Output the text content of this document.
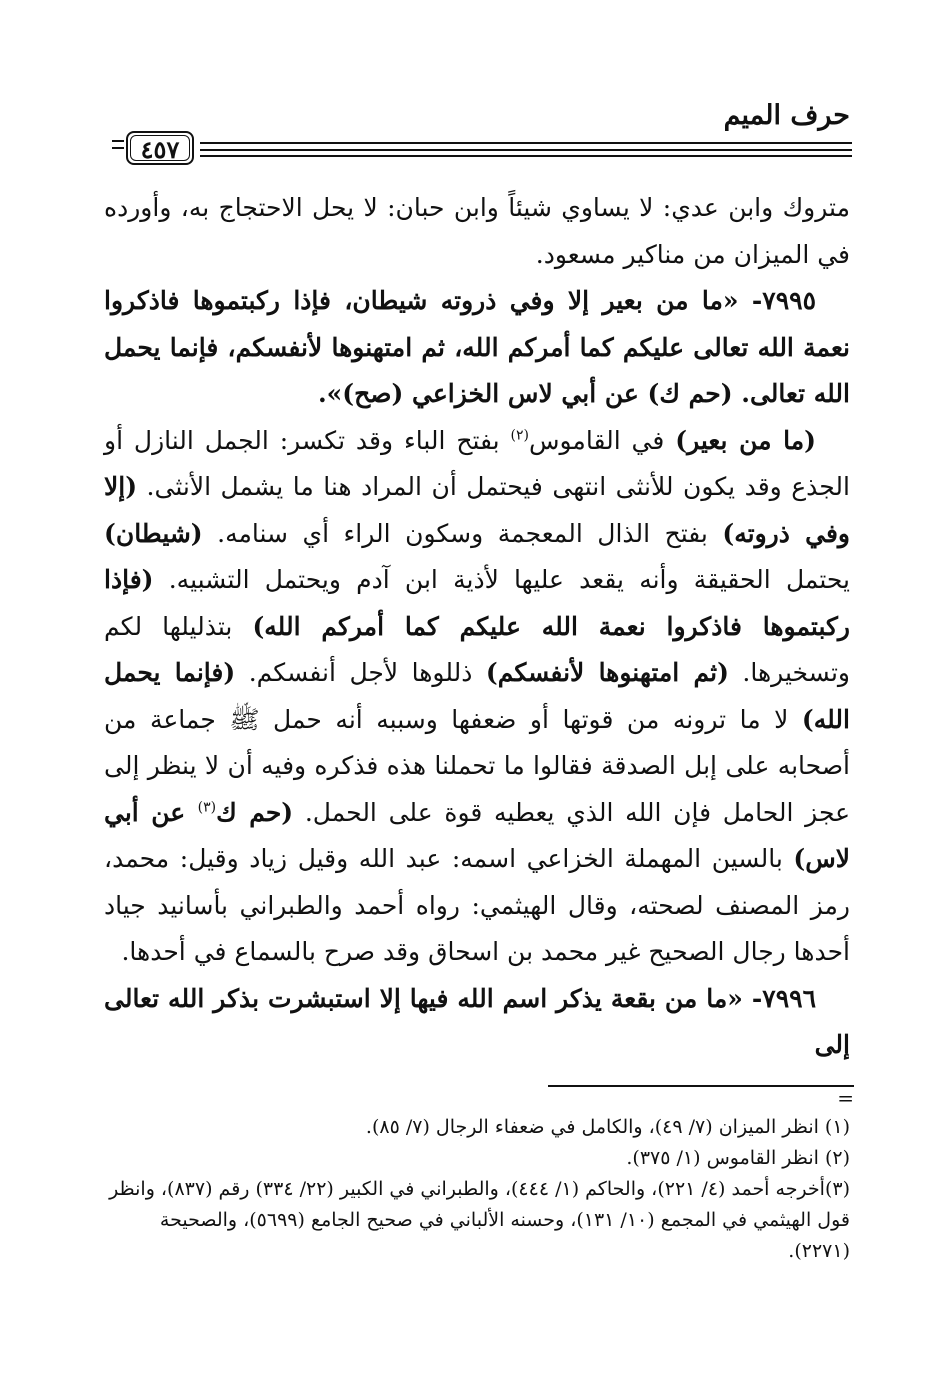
حرف الميم
٤٥٧

متروك وابن عدي: لا يساوي شيئاً وابن حبان: لا يحل الاحتجاج به، وأورده في الميزان من مناكير مسعود.

٧٩٩٥- «ما من بعير إلا وفي ذروته شيطان، فإذا ركبتموها فاذكروا نعمة الله تعالى عليكم كما أمركم الله، ثم امتهنوها لأنفسكم، فإنما يحمل الله تعالى. (حم ك) عن أبي لاس الخزاعي (صح)».

(ما من بعير) في القاموس$^{(٢)}$ بفتح الباء وقد تكسر: الجمل النازل أو الجذع وقد يكون للأنثى انتهى فيحتمل أن المراد هنا ما يشمل الأنثى. (إلا وفي ذروته) بفتح الذال المعجمة وسكون الراء أي سنامه. (شيطان) يحتمل الحقيقة وأنه يقعد عليها لأذية ابن آدم ويحتمل التشبيه. (فإذا ركبتموها فاذكروا نعمة الله عليكم كما أمركم الله) بتذليلها لكم وتسخيرها. (ثم امتهنوها لأنفسكم) ذللوها لأجل أنفسكم. (فإنما يحمل الله) لا ما ترونه من قوتها أو ضعفها وسببه أنه حمل ﷺ جماعة من أصحابه على إبل الصدقة فقالوا ما تحملنا هذه فذكره وفيه أن لا ينظر إلى عجز الحامل فإن الله الذي يعطيه قوة على الحمل. (حم ك$^{(٣)}$ عن أبي لاس) بالسين المهملة الخزاعي اسمه: عبد الله وقيل زياد وقيل: محمد، رمز المصنف لصحته، وقال الهيثمي: رواه أحمد والطبراني بأسانيد جياد أحدها رجال الصحيح غير محمد بن اسحاق وقد صرح بالسماع في أحدها.

٧٩٩٦- «ما من بقعة يذكر اسم الله فيها إلا استبشرت بذكر الله تعالى إلى

=

(١) انظر الميزان (٧/ ٤٩)، والكامل في ضعفاء الرجال (٧/ ٨٥).

(٢) انظر القاموس (١/ ٣٧٥).

(٣)أخرجه أحمد (٤/ ٢٢١)، والحاكم (١/ ٤٤٤)، والطبراني في الكبير (٢٢/ ٣٣٤) رقم (٨٣٧)، وانظر قول الهيثمي في المجمع (١٠/ ١٣١)، وحسنه الألباني في صحيح الجامع (٥٦٩٩)، والصحيحة (٢٢٧١).
